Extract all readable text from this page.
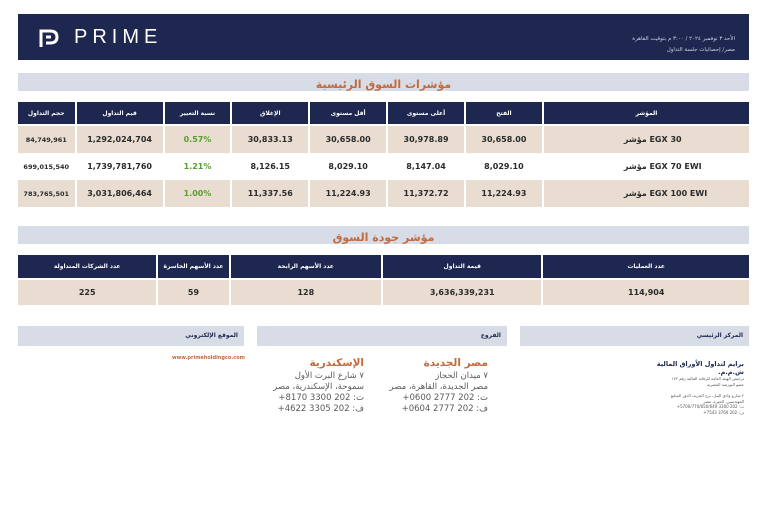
PRIME	الأحد ٣ نوفمبر ٢٠٢٤ / ٣:٠٠ م بتوقيت القاهرة
مصر/ إحصائيات جلسة التداول
مؤشرات السوق الرئيسية
المؤشر	الفتح	أعلى مستوى	أقل مستوى	الإغلاق	نسبة التغيير	قيم التداول	حجم التداول
مؤشر EGX 30	30,658.00	30,978.89	30,658.00	30,833.13	0.57%	1,292,024,704	84,749,961
مؤشر EGX 70 EWI	8,029.10	8,147.04	8,029.10	8,126.15	1.21%	1,739,781,760	699,015,540
مؤشر EGX 100 EWI	11,224.93	11,372.72	11,224.93	11,337.56	1.00%	3,031,806,464	783,765,501
مؤشر جودة السوق
عدد العمليات	قيمة التداول	عدد الأسهم الرابحة	عدد الأسهم الخاسرة	عدد الشركات المتداولة
114,904	3,636,339,231	128	59	225
الموقع الإلكتروني	الفروع	المركز الرئيسي
www.primeholdingco.com	مصر الجديدة
٧ ميدان الحجاز
مصر الجديدة، القاهرة، مصر
ت: 202 2777 0600+
ف: 202 2777 0604+
الإسكندرية
٧ شارع البرت الأول
سموحة، الإسكندرية، مصر
ت: 202 3300 8170+
ف: 202 3305 4622+
برايم لتداول الأوراق المالية ش.م.م.
ترخيص الهيئة العامة للرقابة المالية رقم ١٧٢
عضو البورصة المصرية
٢ شارع وادي النيل، برج الحرية، الدور السابع
المهندسين، الجيزة، مصر
ت: 202 3300 5700/770/650/649+
ف: 202 3760 7543+
